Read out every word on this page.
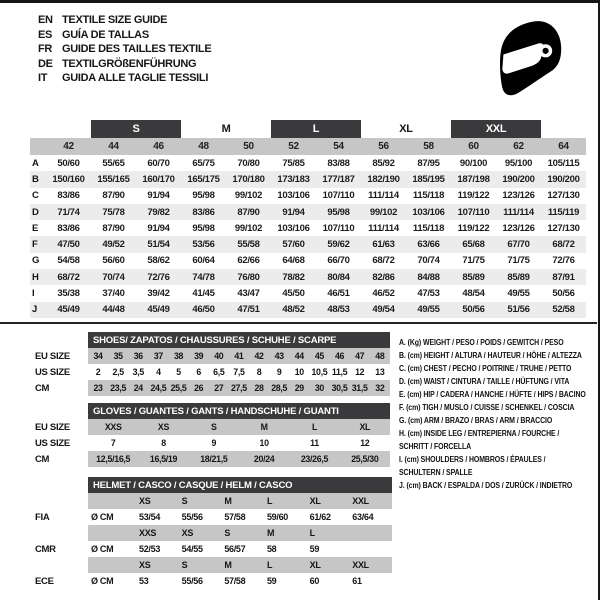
EN TEXTILE SIZE GUIDE
ES GUÍA DE TALLAS
FR GUIDE DES TAILLES TEXTILE
DE TEXTILGRÖßENFÜHRUNG
IT	GUIDA ALLE TAGLIE TESSILI
		S		M		L		XL		XXL		
	42	44	46	48	50	52	54	56	58	60	62	64
A	50/60	55/65	60/70	65/75	70/80	75/85	83/88	85/92	87/95	90/100	95/100	105/115
B	150/160	155/165	160/170	165/175	170/180	173/183	177/187	182/190	185/195	187/198	190/200	190/200
C	83/86	87/90	91/94	95/98	99/102	103/106	107/110	111/114	115/118	119/122	123/126	127/130
D	71/74	75/78	79/82	83/86	87/90	91/94	95/98	99/102	103/106	107/110	111/114	115/119
E	83/86	87/90	91/94	95/98	99/102	103/106	107/110	111/114	115/118	119/122	123/126	127/130
F	47/50	49/52	51/54	53/56	55/58	57/60	59/62	61/63	63/66	65/68	67/70	68/72
G	54/58	56/60	58/62	60/64	62/66	64/68	66/70	68/72	70/74	71/75	71/75	72/76
H	68/72	70/74	72/76	74/78	76/80	78/82	80/84	82/86	84/88	85/89	85/89	87/91
I	35/38	37/40	39/42	41/45	43/47	45/50	46/51	46/52	47/53	48/54	49/55	50/56
J	45/49	44/48	45/49	46/50	47/51	48/52	48/53	49/54	49/55	50/56	51/56	52/58
	SHOES/ ZAPATOS / CHAUSSURES / SCHUHE / SCARPE														
EU SIZE	34	35	36	37	38	39	40	41	42	43	44	45	46	47	48
US SIZE	2	2,5	3,5	4	5	6	6,5	7,5	8	9	10	10,5	11,5	12	13
CM	23	23,5	24	24,5	25,5	26	27	27,5	28	28,5	29	30	30,5	31,5	32
	GLOVES / GUANTES / GANTS / HANDSCHUHE / GUANTI					
EU SIZE	XXS	XS	S	M	L	XL
US SIZE	7	8	9	10	11	12
CM	12,5/16,5	16,5/19	18/21,5	20/24	23/26,5	25,5/30
	HELMET / CASCO / CASQUE / HELM / CASCO						
		XS	S	M	L	XL	XXL
FIA	Ø CM	53/54	55/56	57/58	59/60	61/62	63/64
		XXS	XS	S	M	L	
CMR	Ø CM	52/53	54/55	56/57	58	59	
		XS	S	M	L	XL	XXL
ECE	Ø CM	53	55/56	57/58	59	60	61
A. (Kg) WEIGHT / PESO / POIDS / GEWITCH / PESO
B. (cm) HEIGHT / ALTURA / HAUTEUR / HÖHE / ALTEZZA
C. (cm) CHEST / PECHO / POITRINE / TRUHE / PETTO
D. (cm) WAIST / CINTURA / TAILLE / HÜFTUNG / VITA
E. (cm) HIP / CADERA / HANCHE / HÜFTE / HIPS / BACINO
F. (cm) TIGH / MUSLO / CUISSE / SCHENKEL / COSCIA
G. (cm) ARM / BRAZO / BRAS / ARM / BRACCIO
H. (cm) INSIDE LEG / ENTREPIERNA / FOURCHE /
SCHRITT / FORCELLA
I. (cm) SHOULDERS / HOMBROS / ÉPAULES /
SCHULTERN / SPALLE
J. (cm) BACK / ESPALDA / DOS / ZURÜCK / INDIETRO
